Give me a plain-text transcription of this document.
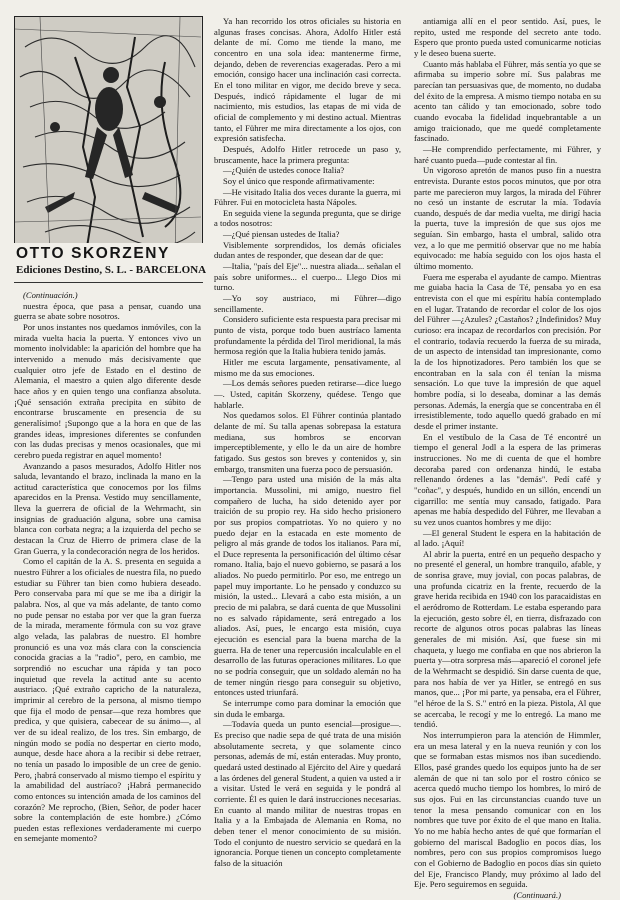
OTTO SKORZENY

Ediciones Destino, S. L. - BARCELONA

(Continuación.)

nuestra época, que pasa a pensar, cuando una guerra se abate sobre nosotros.

Por unos instantes nos quedamos inmóviles, con la mirada vuelta hacia la puerta. Y entonces vivo un momento inolvidable: la aparición del hombre que ha intervenido a menudo más decisivamente que cualquier otro jefe de Estado en el destino de Alemania, el maestro a quien algo diferente desde hace años y en quien tengo una confianza absoluta. ¡Qué sensación extraña precipita en súbito de encontrarse bruscamente en presencia de su generalísimo! ¡Supongo que a la hora en que de las grandes ideas, impresiones diferentes se confunden con las dudas precisas y menos ocasionales, que mi cerebro pueda registrar en aquel momento!

Avanzando a pasos mesurados, Adolfo Hitler nos saluda, levantando el brazo, inclinada la mano en la actitud característica que conocemos por los films aparecidos en la Prensa. Vestido muy sencillamente, lleva la guerrera de oficial de la Wehrmacht, sin insignias de graduación alguna, sobre una camisa blanca con corbata negra; a la izquierda del pecho se destacan la Cruz de Hierro de primera clase de la Gran Guerra, y la condecoración negra de los heridos.

Como el capitán de la A. S. presenta en seguida a nuestro Führer a los oficiales de nuestra fila, no puedo estudiar su Führer tan bien como hubiera deseado. Pero conservaba para mí que se me iba a dirigir la palabra. Nos, al que va más adelante, de tanto como no pude pensar no estaba por ver que la gran fuerza de la mirada, meramente fórmula con su voz grave algo velada, las palabras de nuestro. El hombre pronunció es una voz más clara con la consciencia conocida gracias a la "radio", pero, en cambio, me sorprendió no escuchar una rápida y tan poco inquietud que revela la actitud ante su acento austriaco. ¡Qué extraño capricho de la naturaleza, imprimir al cerebro de la persona, al mismo tiempo que fija el modo de pensar—que reza hombres que predica, y que quisiera, cabecear de su ánimo—, al ver de su ideal realizo, de los tres. Sin embargo, de ningún modo se podía no despertar en cierto modo, aunque, desde hace ahora a la recibir si debe retraer, no tenía un pasado lo imposible de un cree de genio. Pero, ¡habrá conservado al mismo tiempo el espíritu y la amabilidad del austríaco? ¡Habrá permanecido como entonces su intención amada de los caminos del corazón? Me reprocho, (Bien, Señor, de poder hacer sobre la contemplación de este hombre.) ¿Cómo pueden estas reflexiones verdaderamente mi cuerpo en semejante momento?

Ya han recorrido los otros oficiales su historia en algunas frases concisas. Ahora, Adolfo Hitler está delante de mí. Como me tiende la mano, me concentro en una sola idea: mantenerme firme, dejando, deben de reverencias exageradas. Pero a mi emoción, consigo hacer una inclinación casi correcta. En el tono militar en vigor, me decido breve y seca. Después, indicó rápidamente el lugar de mi nacimiento, mis estudios, las etapas de mi vida de oficial de complemento y mi destino actual. Mientras tanto, el Führer me mira directamente a los ojos, con expresión satisfecha.

Después, Adolfo Hitler retrocede un paso y, bruscamente, hace la primera pregunta:

—¿Quién de ustedes conoce Italia?

Soy el único que responde afirmativamente:

—He visitado Italia dos veces durante la guerra, mi Führer. Fui en motocicleta hasta Nápoles.

En seguida viene la segunda pregunta, que se dirige a todos nosotros:

—¿Qué piensan ustedes de Italia?

Visiblemente sorprendidos, los demás oficiales dudan antes de responder, que desean dar de que:

—Italia, "país del Eje"... nuestra aliada... señalan el país sobre uniformes... el cuerpo... Llego Dios mi turno.

—Yo soy austriaco, mi Führer—digo sencillamente.

Considero suficiente esta respuesta para precisar mi punto de vista, porque todo buen austríaco lamenta profundamente la pérdida del Tirol meridional, la más hermosa región que la Italia hubiera tenido jamás.

Hitler me escuta largamente, pensativamente, al mismo me da sus emociones.

—Los demás señores pueden retirarse—dice luego—. Usted, capitán Skorzeny, quédese. Tengo que hablarle.

Nos quedamos solos. El Führer continúa plantado delante de mí. Su talla apenas sobrepasa la estatura mediana, sus hombros se encorvan imperceptiblemente, y ello le da un aire de hombre fatigado. Sus gestos son breves y contenidos y, sin embargo, transmiten una fuerza poco de persuasión.

—Tengo para usted una misión de la más alta importancia. Mussolini, mi amigo, nuestro fiel compañero de lucha, ha sido detenido ayer por traición de su propio rey. Ha sido hecho prisionero por sus propios compatriotas. Yo no quiero y no puedo dejar en la estacada en este momento de peligro al más grande de todos los italianos. Para mí, el Duce representa la personificación del último césar romano. Italia, bajo el nuevo gobierno, se pasará a los aliados. No puedo permitirlo. Por eso, me entrego un papel muy importante. Lo he pensado y conduzco su misión, la usted... Llevará a cabo esta misión, a un precio de mi palabra, se dará cuenta de que Mussolini no es salvado rápidamente, será entregado a los aliados. Así, pues, le encargo esta misión, cuya ejecución es esencial para la buena marcha de la guerra. Ha de tener una repercusión incalculable en el desarrollo de las futuras operaciones militares. Lo que no se podría conseguir, que un soldado alemán no ha de temer ningún riesgo para conseguir su objetivo, entonces usted triunfará.

Se interrumpe como para dominar la emoción que sin duda le embarga.

—Todavía queda un punto esencial—prosigue—. Es preciso que nadie sepa de qué trata de una misión absolutamente secreta, y que solamente cinco personas, además de mí, están enteradas. Muy pronto, quedará usted destinado al Ejército del Aire y quedará a las órdenes del general Student, a quien va usted a ir a visitar. Usted le verá en seguida y le pondrá al corriente. Él es quien le dará instrucciones necesarias. En cuanto al mando militar de nuestras tropas en Italia y a la Embajada de Alemania en Roma, no deben tener el menor conocimiento de su misión. Todo el conjunto de nuestro servicio se quedará en la ignorancia. Porque tienen un concepto completamente falso de la situación

antiamiga allí en el peor sentido. Así, pues, le repito, usted me responde del secreto ante todo. Espero que pronto pueda usted comunicarme noticias y le deseo buena suerte.

Cuanto más hablaba el Führer, más sentía yo que se afirmaba su imperio sobre mí. Sus palabras me parecían tan persuasivas que, de momento, no dudaba del éxito de la empresa. A mismo tiempo notaba en su acento tan cálido y tan emocionado, sobre todo cuando evocaba la fidelidad inquebrantable a un amigo traicionado, que me quedé completamente fascinado.

—He comprendido perfectamente, mi Führer, y haré cuanto pueda—pude contestar al fin.

Un vigoroso apretón de manos puso fin a nuestra entrevista. Durante estos pocos minutos, que por otra parte me parecieron muy largos, la mirada del Führer no cesó un instante de escrutar la mía. Todavía cuando, después de dar media vuelta, me dirigí hacia la puerta, tuve la impresión de que sus ojos me seguían. Sin embargo, hasta el umbral, salido otra vez, a lo que me permitió observar que no me había equivocado: me había seguido con los ojos hasta el último momento.

Fuera me esperaba el ayudante de campo. Mientras me guiaba hacia la Casa de Té, pensaba yo en esa entrevista con el que mi espíritu había contemplado en el lugar. Tratando de recordar el color de los ojos del Führer —¿Azules? ¿Castaños? ¿Indefinidos? Muy curioso: era incapaz de recordarlos con precisión. Por el contrario, todavía recuerdo la fuerza de su mirada, de un aspecto de intensidad tan impresionante, como la de los hipnotizadores. Pero también los que se encontraban en la sala con él tenían la misma sensación. Lo que tuve la impresión de que aquel hombre podía, si lo deseaba, dominar a las demás personas. Además, la energía que se concentraba en él irresistiblemente, todo aquello quedó grabado en mí desde el primer instante.

En el vestíbulo de la Casa de Té encontré un tiempo el general Jodl a la espera de las primeras instrucciones. No me di cuenta de que el hombre decoraba pared con ordenanza hindú, le estaba rellenando órdenes a las "demás". Pedí café y "coñac", y después, hundido en un sillón, encendí un cigarrillo: me sentía muy cansado, fatigado. Para apenas me había despedido del Führer, me llevaban a su vez unos cuantos hombres y me dijo:

—El general Student le espera en la habitación de al lado. ¡Aquí!

Al abrir la puerta, entré en un pequeño despacho y no presenté el general, un hombre tranquilo, afable, y de sonrisa grave, muy jovial, con pocas palabras, de una profunda cicatriz en la frente, recuerdo de la grave herida recibida en 1940 con los paracaidistas en el aeródromo de Rotterdam. Le estaba esperando para la ejecución, gesto sobre él, en tierra, disfrazado con recorte de algunos otros pocas palabras las líneas generales de mi misión. Así, que fuese sin mi chaqueta, y luego me confiaba en que nos abrieron la puerta y—otra sorpresa más—apareció el coronel jefe de la Wehrmacht se despidió. Sin darse cuenta de que, para nos había de ver ya Hitler, se entregó en sus manos, que... ¡Por mi parte, ya pensaba, era el Führer, "el héroe de la S. S." entró en la pieza. Pistola, Al que se acercaba, le recogí y me lo entregó. La mano me tendió.

Nos interrumpieron para la atención de Himmler, era un mesa lateral y en la nueva reunión y con los que se formaban estas mismos nos iban sucediendo. Ellos, pasé grandes quedo los equipos junto ha de ser alemán de que ni tan solo por el rostro cónico se acerca quedó mucho tiempo los hombres, lo miró de sus ojos. Fui en las circunstancias cuando tuve un tenor la mesa pensando comunicar con en los nombres que tuve por éxito de el que mano en Italia. Yo no me había hecho antes de qué que formarían el gobierno del mariscal Badoglio en pocos días, los nombres, pero con sus propios compromisos luego con el Gobierno de Badoglio en pocos días sin quieto del Eje, Francisco Plandy, muy próximo al lado del Eje. Pero seguiremos en seguida.

(Continuará.)
